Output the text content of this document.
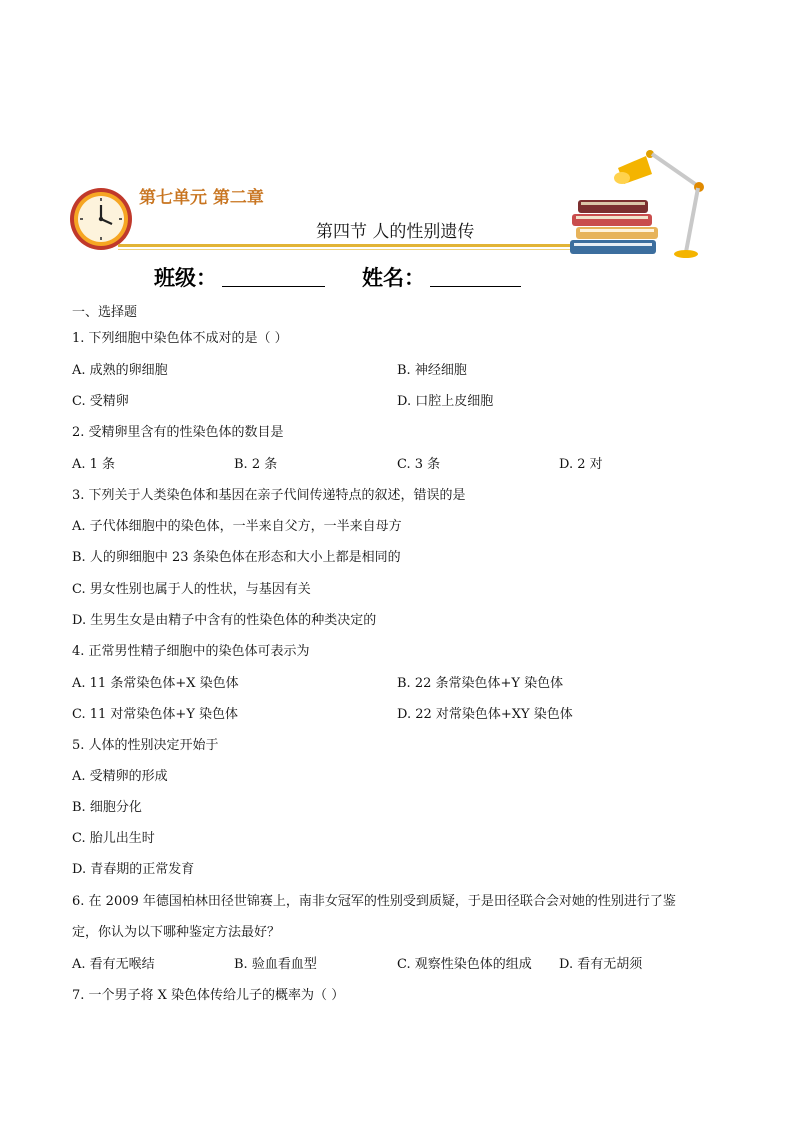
第七单元 第二章
第四节 人的性别遗传
班级：	姓名：
一、选择题
1. 下列细胞中染色体不成对的是（ ）
A. 成熟的卵细胞	B. 神经细胞
C. 受精卵	D. 口腔上皮细胞
2. 受精卵里含有的性染色体的数目是
A. 1 条	B. 2 条	C. 3 条	D. 2 对
3. 下列关于人类染色体和基因在亲子代间传递特点的叙述，错误的是
A. 子代体细胞中的染色体，一半来自父方，一半来自母方
B. 人的卵细胞中 23 条染色体在形态和大小上都是相同的
C. 男女性别也属于人的性状，与基因有关
D. 生男生女是由精子中含有的性染色体的种类决定的
4. 正常男性精子细胞中的染色体可表示为
A. 11 条常染色体+X 染色体	B. 22 条常染色体+Y 染色体
C. 11 对常染色体+Y 染色体	D. 22 对常染色体+XY 染色体
5. 人体的性别决定开始于
A. 受精卵的形成
B. 细胞分化
C. 胎儿出生时
D. 青春期的正常发育
6. 在 2009 年德国柏林田径世锦赛上，南非女冠军的性别受到质疑，于是田径联合会对她的性别进行了鉴
定，你认为以下哪种鉴定方法最好？
A. 看有无喉结	B. 验血看血型	C. 观察性染色体的组成 D. 看有无胡须
7. 一个男子将 X 染色体传给儿子的概率为（ ）
